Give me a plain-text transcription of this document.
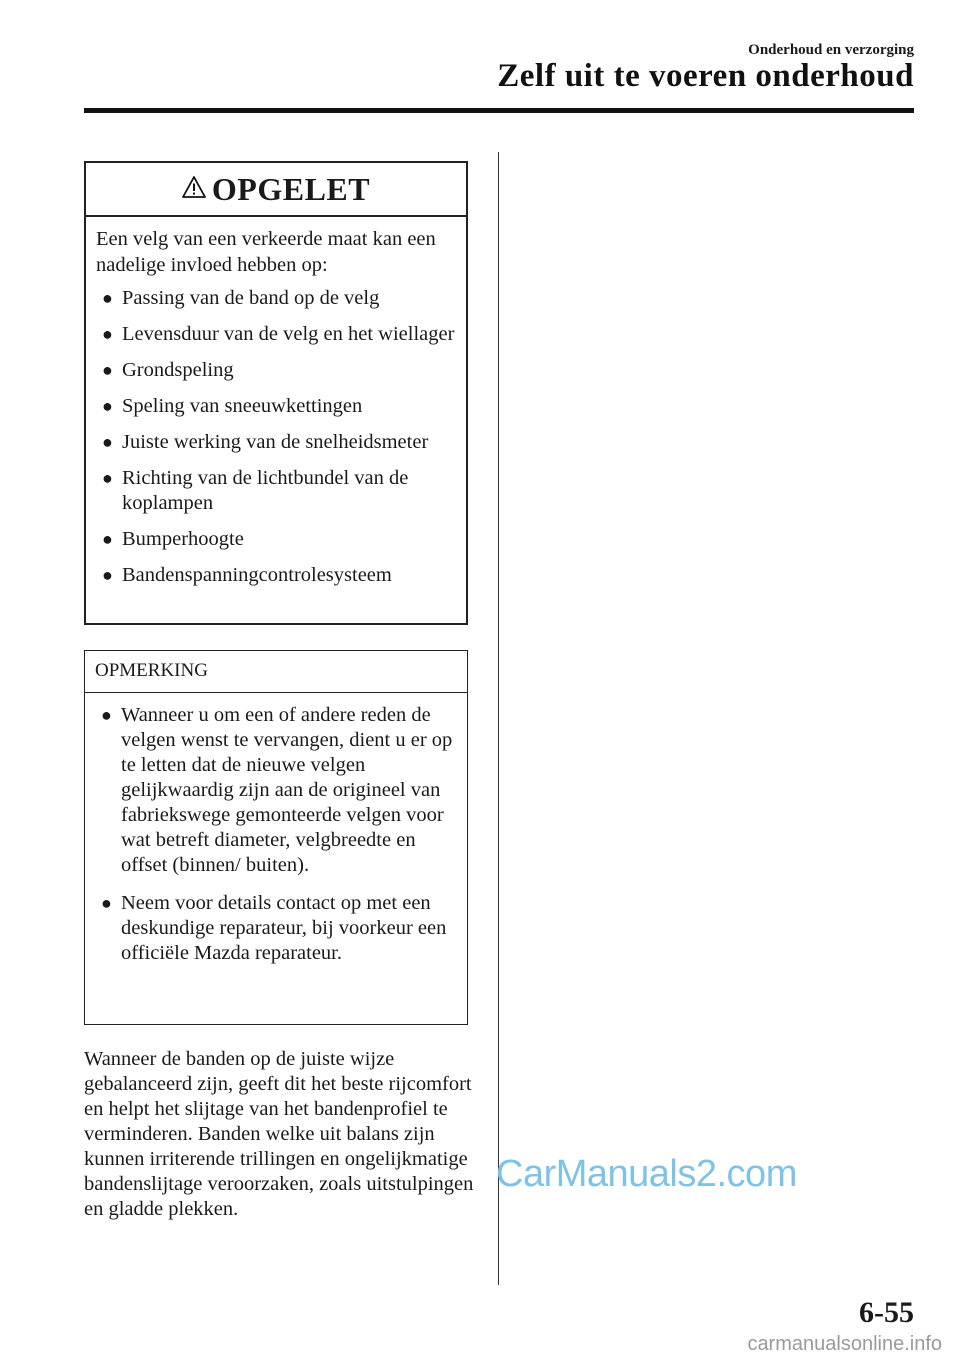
Onderhoud en verzorging
Zelf uit te voeren onderhoud
OPGELET

Een velg van een verkeerde maat kan een nadelige invloed hebben op:

● Passing van de band op de velg
● Levensduur van de velg en het wiellager
● Grondspeling
● Speling van sneeuwkettingen
● Juiste werking van de snelheidsmeter
● Richting van de lichtbundel van de koplampen
● Bumperhoogte
● Bandenspanningcontrolesysteem
OPMERKING
● Wanneer u om een of andere reden de velgen wenst te vervangen, dient u er op te letten dat de nieuwe velgen gelijkwaardig zijn aan de origineel van fabriekswege gemonteerde velgen voor wat betreft diameter, velgbreedte en offset (binnen/ buiten).
● Neem voor details contact op met een deskundige reparateur, bij voorkeur een officiële Mazda reparateur.

Wanneer de banden op de juiste wijze gebalanceerd zijn, geeft dit het beste rijcomfort en helpt het slijtage van het bandenprofiel te verminderen. Banden welke uit balans zijn kunnen irriterende trillingen en ongelijkmatige bandenslijtage veroorzaken, zoals uitstulpingen en gladde plekken.

CarManuals2.com
6-55
carmanualsonline.info
